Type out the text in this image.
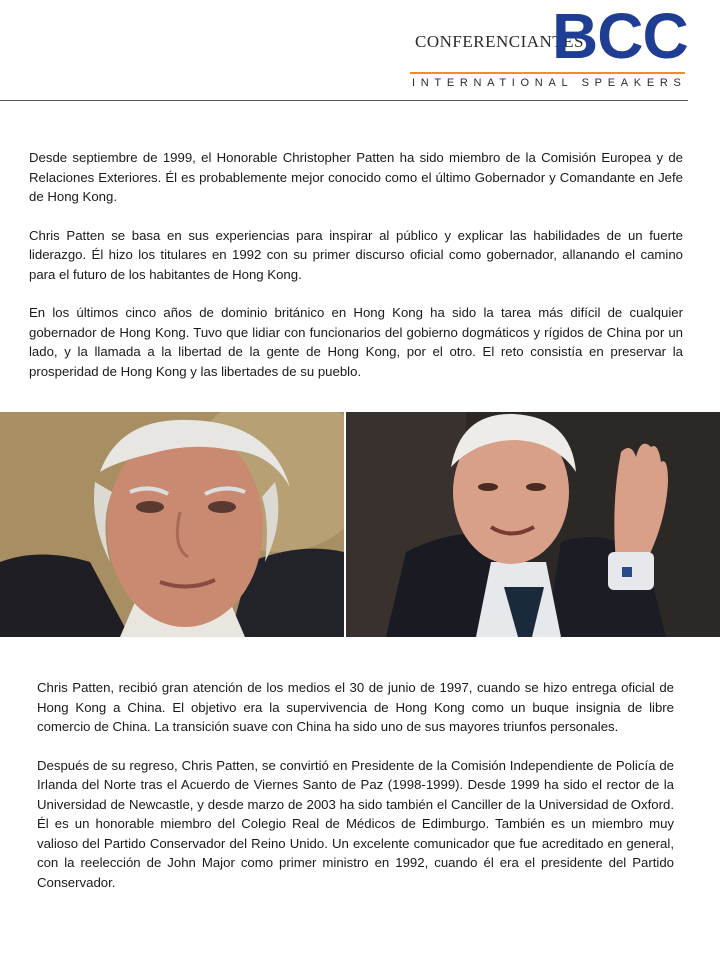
CONFERENCIANTES
BCC
INTERNATIONAL SPEAKERS

Desde septiembre de 1999, el Honorable Christopher Patten ha sido miembro de la Comisión Europea y de Relaciones Exteriores. Él es probablemente mejor conocido como el último Gobernador y Comandante en Jefe de Hong Kong.

Chris Patten se basa en sus experiencias para inspirar al público y explicar las habilidades de un fuerte liderazgo. Él hizo los titulares en 1992 con su primer discurso oficial como gobernador, allanando el camino para el futuro de los habitantes de Hong Kong.

En los últimos cinco años de dominio británico en Hong Kong ha sido la tarea más difícil de cualquier gobernador de Hong Kong. Tuvo que lidiar con funcionarios del gobierno dogmáticos y rígidos de China por un lado, y la llamada a la libertad de la gente de Hong Kong, por el otro. El reto consistía en preservar la prosperidad de Hong Kong y las libertades de su pueblo.

Chris Patten, recibió gran atención de los medios el 30 de junio de 1997, cuando se hizo entrega oficial de Hong Kong a China. El objetivo era la supervivencia de Hong Kong como un buque insignia de libre comercio de China. La transición suave con China ha sido uno de sus mayores triunfos personales.

Después de su regreso, Chris Patten, se convirtió en Presidente de la Comisión Independiente de Policía de Irlanda del Norte tras el Acuerdo de Viernes Santo de Paz (1998-1999). Desde 1999 ha sido el rector de la Universidad de Newcastle, y desde marzo de 2003 ha sido también el Canciller de la Universidad de Oxford. Él es un honorable miembro del Colegio Real de Médicos de Edimburgo. También es un miembro muy valioso del Partido Conservador del Reino Unido. Un excelente comunicador que fue acreditado en general, con la reelección de John Major como primer ministro en 1992, cuando él era el presidente del Partido Conservador.
